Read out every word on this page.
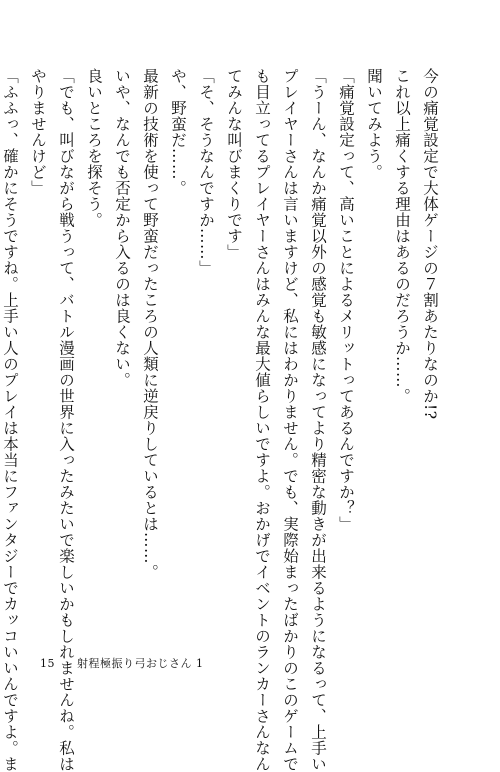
今の痛覚設定で大体ゲージの７割あたりなのか!?
これ以上痛くする理由はあるのだろうか……。
聞いてみよう。
「痛覚設定って、高いことによるメリットってあるんですか？」
「うーん、なんか痛覚以外の感覚も敏感になってより精密な動きが出来るようになるって、上手い
プレイヤーさんは言いますけど、私にはわかりません。でも、実際始まったばかりのこのゲームで
も目立ってるプレイヤーさんはみんな最大値らしいですよ。おかげでイベントのランカーさんなん
てみんな叫びまくりです」
「そ、そうなんですか……」
や、野蛮だ……。
最新の技術を使って野蛮だったころの人類に逆戻りしているとは……。
いや、なんでも否定から入るのは良くない。
良いところを探そう。
「でも、叫びながら戦うって、バトル漫画の世界に入ったみたいで楽しいかもしれませんね。私は
やりませんけど」
「ふふっ、確かにそうですね。上手い人のプレイは本当にファンタジーでカッコいいんですよ。ま	15 射程極振り弓おじさん 1
